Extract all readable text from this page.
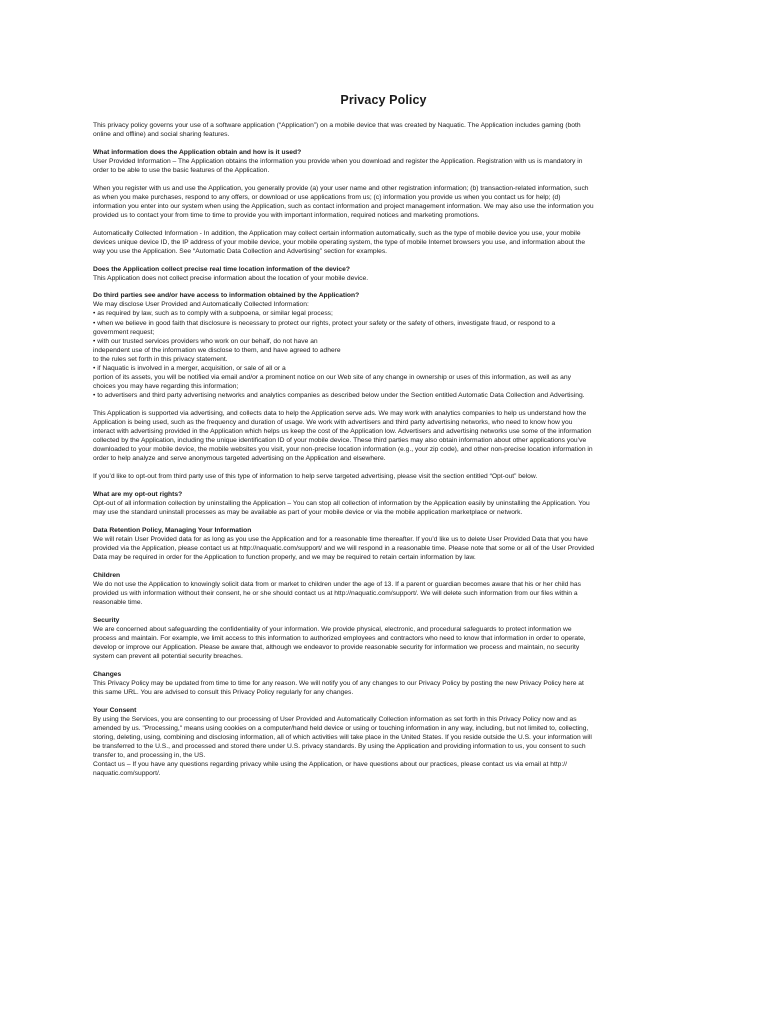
Privacy Policy
This privacy policy governs your use of a software application (“Application”) on a mobile device that was created by Naquatic. The Application includes gaming (both
online and offline) and social sharing features.
What information does the Application obtain and how is it used?
User Provided Information – The Application obtains the information you provide when you download and register the Application. Registration with us is mandatory in
order to be able to use the basic features of the Application.
When you register with us and use the Application, you generally provide (a) your user name and other registration information; (b) transaction-related information, such
as when you make purchases, respond to any offers, or download or use applications from us; (c) information you provide us when you contact us for help; (d)
information you enter into our system when using the Application, such as contact information and project management information. We may also use the information you
provided us to contact your from time to time to provide you with important information, required notices and marketing promotions.
Automatically Collected Information - In addition, the Application may collect certain information automatically, such as the type of mobile device you use, your mobile
devices unique device ID, the IP address of your mobile device, your mobile operating system, the type of mobile Internet browsers you use, and information about the
way you use the Application. See “Automatic Data Collection and Advertising” section for examples.
Does the Application collect precise real time location information of the device?
This Application does not collect precise information about the location of your mobile device.
Do third parties see and/or have access to information obtained by the Application?
We may disclose User Provided and Automatically Collected Information:
• as required by law, such as to comply with a subpoena, or similar legal process;
• when we believe in good faith that disclosure is necessary to protect our rights, protect your safety or the safety of others, investigate fraud, or respond to a
government request;
• with our trusted services providers who work on our behalf, do not have an
independent use of the information we disclose to them, and have agreed to adhere
to the rules set forth in this privacy statement.
• if Naquatic is involved in a merger, acquisition, or sale of all or a
portion of its assets, you will be notified via email and/or a prominent notice on our Web site of any change in ownership or uses of this information, as well as any
choices you may have regarding this information;
• to advertisers and third party advertising networks and analytics companies as described below under the Section entitled Automatic Data Collection and Advertising.
This Application is supported via advertising, and collects data to help the Application serve ads. We may work with analytics companies to help us understand how the
Application is being used, such as the frequency and duration of usage. We work with advertisers and third party advertising networks, who need to know how you
interact with advertising provided in the Application which helps us keep the cost of the Application low. Advertisers and advertising networks use some of the information
collected by the Application, including the unique identification ID of your mobile device. These third parties may also obtain information about other applications you’ve
downloaded to your mobile device, the mobile websites you visit, your non-precise location information (e.g., your zip code), and other non-precise location information in
order to help analyze and serve anonymous targeted advertising on the Application and elsewhere.
If you’d like to opt-out from third party use of this type of information to help serve targeted advertising, please visit the section entitled “Opt-out” below.
What are my opt-out rights?
Opt-out of all information collection by uninstalling the Application – You can stop all collection of information by the Application easily by uninstalling the Application. You
may use the standard uninstall processes as may be available as part of your mobile device or via the mobile application marketplace or network.
Data Retention Policy, Managing Your Information
We will retain User Provided data for as long as you use the Application and for a reasonable time thereafter. If you’d like us to delete User Provided Data that you have
provided via the Application, please contact us at http://naquatic.com/support/ and we will respond in a reasonable time. Please note that some or all of the User Provided
Data may be required in order for the Application to function properly, and we may be required to retain certain information by law.
Children
We do not use the Application to knowingly solicit data from or market to children under the age of 13. If a parent or guardian becomes aware that his or her child has
provided us with information without their consent, he or she should contact us at http://naquatic.com/support/. We will delete such information from our files within a
reasonable time.
Security
We are concerned about safeguarding the confidentiality of your information. We provide physical, electronic, and procedural safeguards to protect information we
process and maintain. For example, we limit access to this information to authorized employees and contractors who need to know that information in order to operate,
develop or improve our Application. Please be aware that, although we endeavor to provide reasonable security for information we process and maintain, no security
system can prevent all potential security breaches.
Changes
This Privacy Policy may be updated from time to time for any reason. We will notify you of any changes to our Privacy Policy by posting the new Privacy Policy here at
this same URL. You are advised to consult this Privacy Policy regularly for any changes.
Your Consent
By using the Services, you are consenting to our processing of User Provided and Automatically Collection information as set forth in this Privacy Policy now and as
amended by us. "Processing," means using cookies on a computer/hand held device or using or touching information in any way, including, but not limited to, collecting,
storing, deleting, using, combining and disclosing information, all of which activities will take place in the United States. If you reside outside the U.S. your information will
be transferred to the U.S., and processed and stored there under U.S. privacy standards. By using the Application and providing information to us, you consent to such
transfer to, and processing in, the US.
Contact us – If you have any questions regarding privacy while using the Application, or have questions about our practices, please contact us via email at http://
naquatic.com/support/.
